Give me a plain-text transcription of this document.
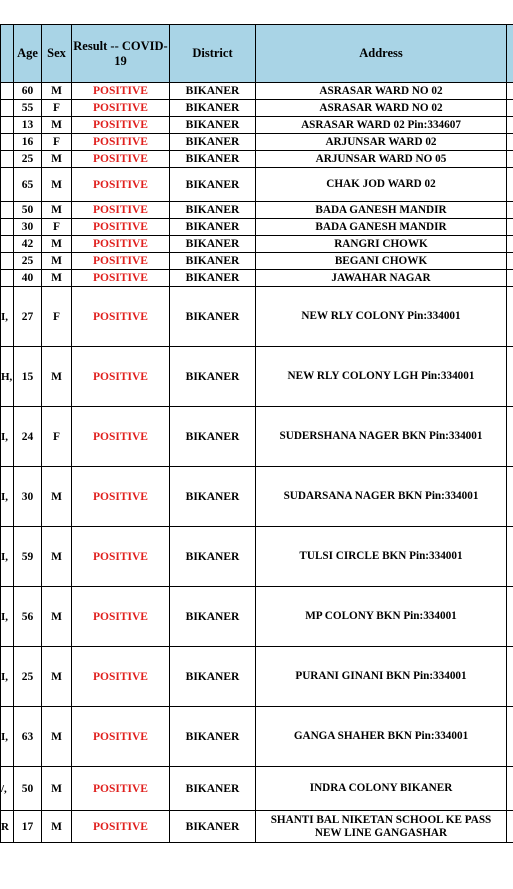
	Age	Sex	Result -- COVID-19	District	Address	
	60	M	POSITIVE	BIKANER	ASRASAR WARD NO 02	
	55	F	POSITIVE	BIKANER	ASRASAR WARD NO 02	
	13	M	POSITIVE	BIKANER	ASRASAR WARD 02 Pin:334607	
	16	F	POSITIVE	BIKANER	ARJUNSAR WARD 02	
	25	M	POSITIVE	BIKANER	ARJUNSAR WARD NO 05	
	65	M	POSITIVE	BIKANER	CHAK JOD WARD 02	
	50	M	POSITIVE	BIKANER	BADA GANESH MANDIR	
	30	F	POSITIVE	BIKANER	BADA GANESH MANDIR	
	42	M	POSITIVE	BIKANER	RANGRI CHOWK	
	25	M	POSITIVE	BIKANER	BEGANI CHOWK	
	40	M	POSITIVE	BIKANER	JAWAHAR NAGAR	
I,	27	F	POSITIVE	BIKANER	NEW RLY COLONY Pin:334001	
H,	15	M	POSITIVE	BIKANER	NEW RLY COLONY LGH Pin:334001	
I,	24	F	POSITIVE	BIKANER	SUDERSHANA NAGER BKN Pin:334001	
I,	30	M	POSITIVE	BIKANER	SUDARSANA NAGER BKN Pin:334001	
I,	59	M	POSITIVE	BIKANER	TULSI CIRCLE BKN Pin:334001	
I,	56	M	POSITIVE	BIKANER	MP COLONY BKN Pin:334001	
I,	25	M	POSITIVE	BIKANER	PURANI GINANI BKN Pin:334001	
I,	63	M	POSITIVE	BIKANER	GANGA SHAHER BKN Pin:334001	
/,	50	M	POSITIVE	BIKANER	INDRA COLONY BIKANER	
R	17	M	POSITIVE	BIKANER	SHANTI BAL NIKETAN SCHOOL KE PASS NEW LINE GANGASHAR	
